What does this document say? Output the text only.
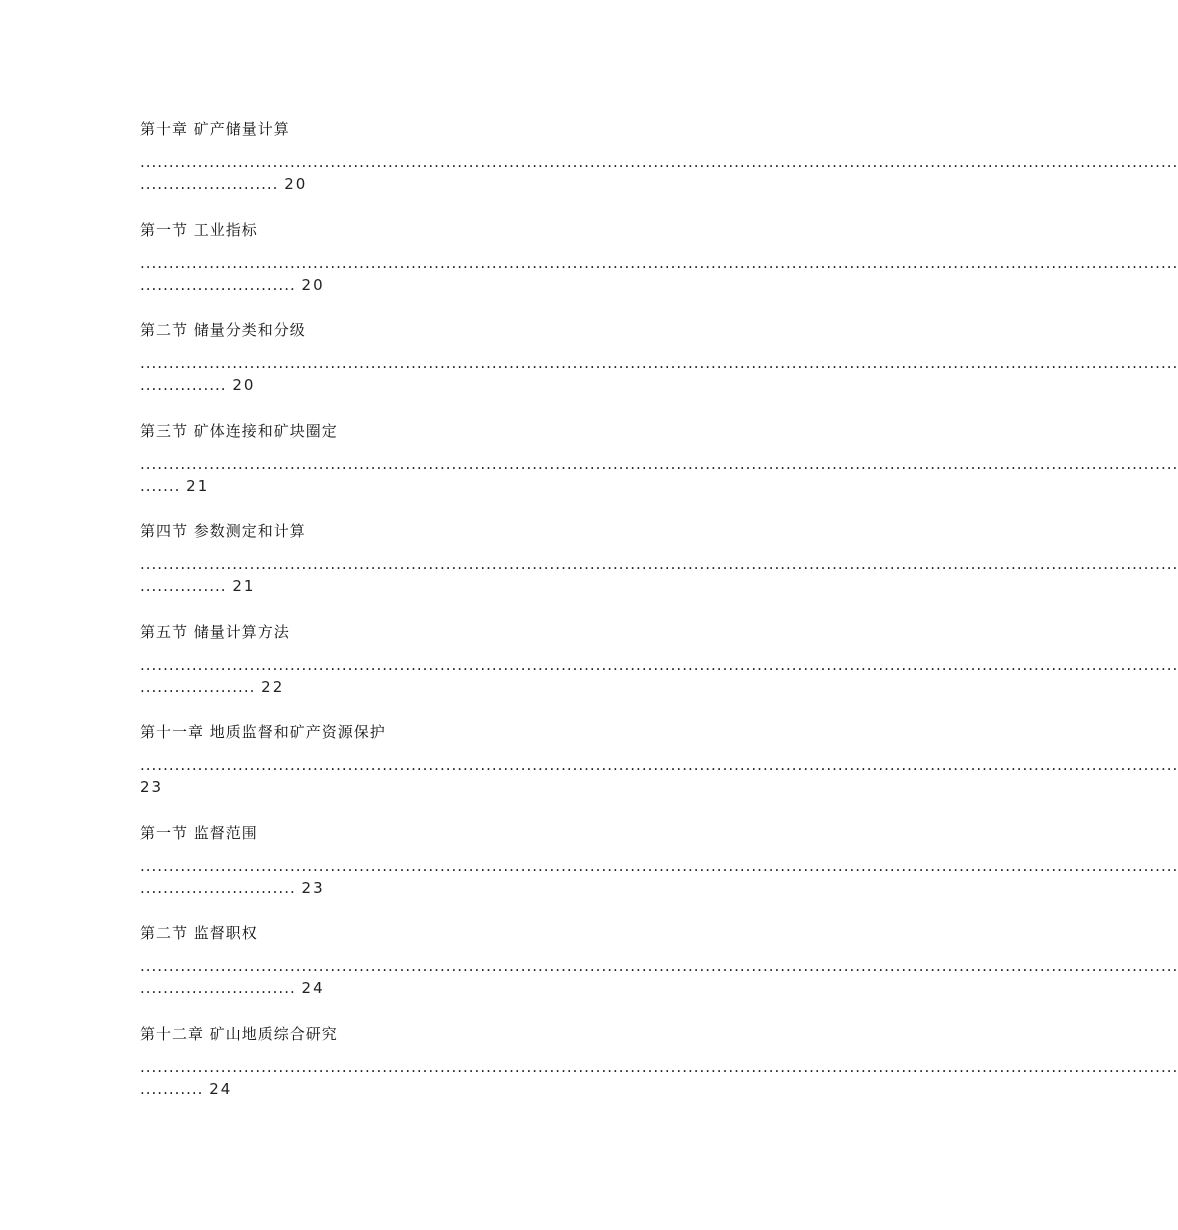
第十章 矿产储量计算
....................................................................................................................................................................................
........................ 20
第一节 工业指标
....................................................................................................................................................................................
........................... 20
第二节 储量分类和分级
....................................................................................................................................................................................
............... 20
第三节 矿体连接和矿块圈定
....................................................................................................................................................................................
....... 21
第四节 参数测定和计算
....................................................................................................................................................................................
............... 21
第五节 储量计算方法
....................................................................................................................................................................................
.................... 22
第十一章 地质监督和矿产资源保护
....................................................................................................................................................................................
23
第一节 监督范围
....................................................................................................................................................................................
........................... 23
第二节 监督职权
....................................................................................................................................................................................
........................... 24
第十二章 矿山地质综合研究
....................................................................................................................................................................................
........... 24
